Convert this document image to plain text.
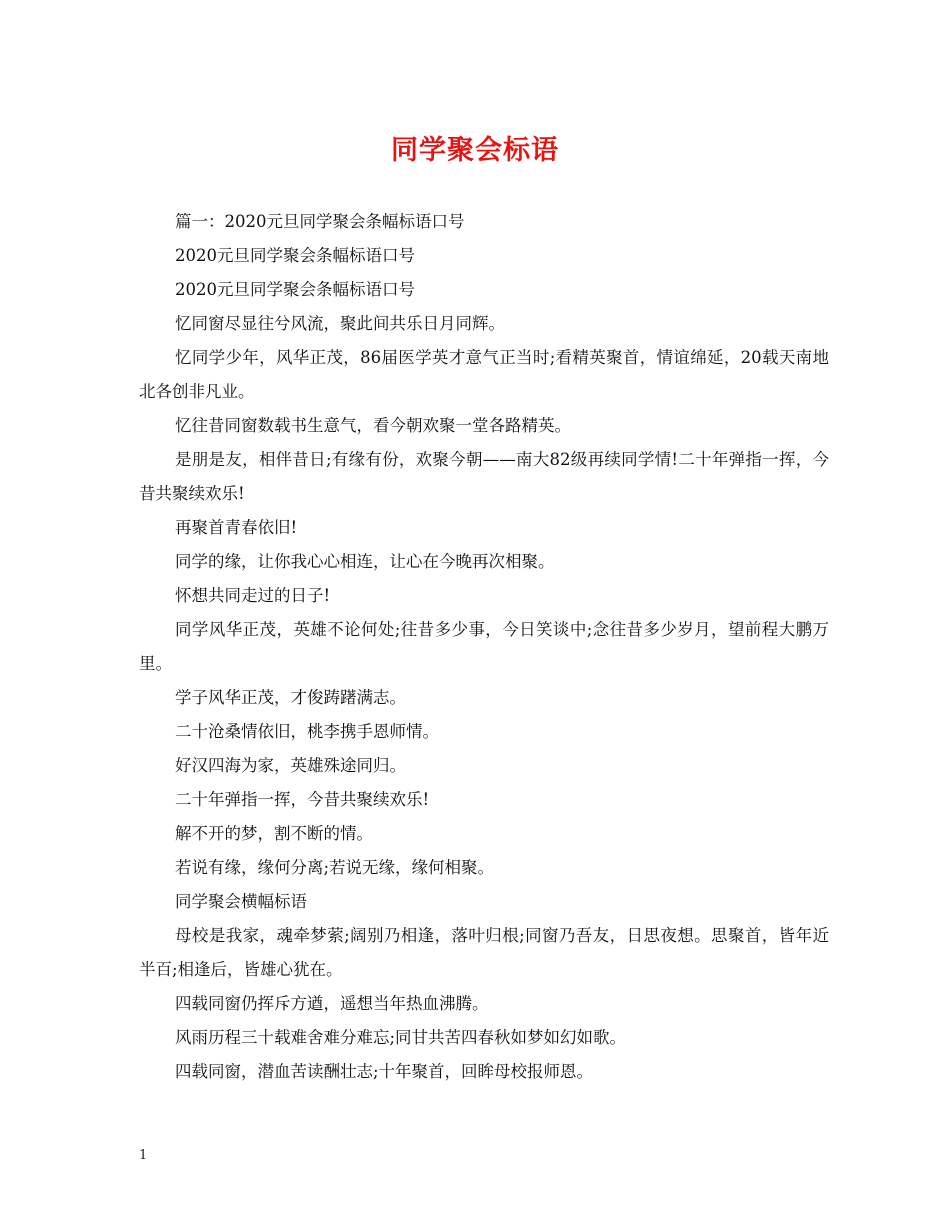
同学聚会标语

篇一：2020元旦同学聚会条幅标语口号

2020元旦同学聚会条幅标语口号

2020元旦同学聚会条幅标语口号

忆同窗尽显往兮风流，聚此间共乐日月同辉。

忆同学少年，风华正茂，86届医学英才意气正当时;看精英聚首，情谊绵延，20载天南地北各创非凡业。

忆往昔同窗数载书生意气，看今朝欢聚一堂各路精英。

是朋是友，相伴昔日;有缘有份，欢聚今朝——南大82级再续同学情!二十年弹指一挥，今昔共聚续欢乐!

再聚首青春依旧!

同学的缘，让你我心心相连，让心在今晚再次相聚。

怀想共同走过的日子!

同学风华正茂，英雄不论何处;往昔多少事，今日笑谈中;念往昔多少岁月，望前程大鹏万里。

学子风华正茂，才俊踌躇满志。

二十沧桑情依旧，桃李携手恩师情。

好汉四海为家，英雄殊途同归。

二十年弹指一挥，今昔共聚续欢乐!

解不开的梦，割不断的情。

若说有缘，缘何分离;若说无缘，缘何相聚。

同学聚会横幅标语

母校是我家，魂牵梦萦;阔别乃相逢，落叶归根;同窗乃吾友，日思夜想。思聚首，皆年近半百;相逢后，皆雄心犹在。

四载同窗仍挥斥方遒，遥想当年热血沸腾。

风雨历程三十载难舍难分难忘;同甘共苦四春秋如梦如幻如歌。

四载同窗，潜血苦读酬壮志;十年聚首，回眸母校报师恩。

1
